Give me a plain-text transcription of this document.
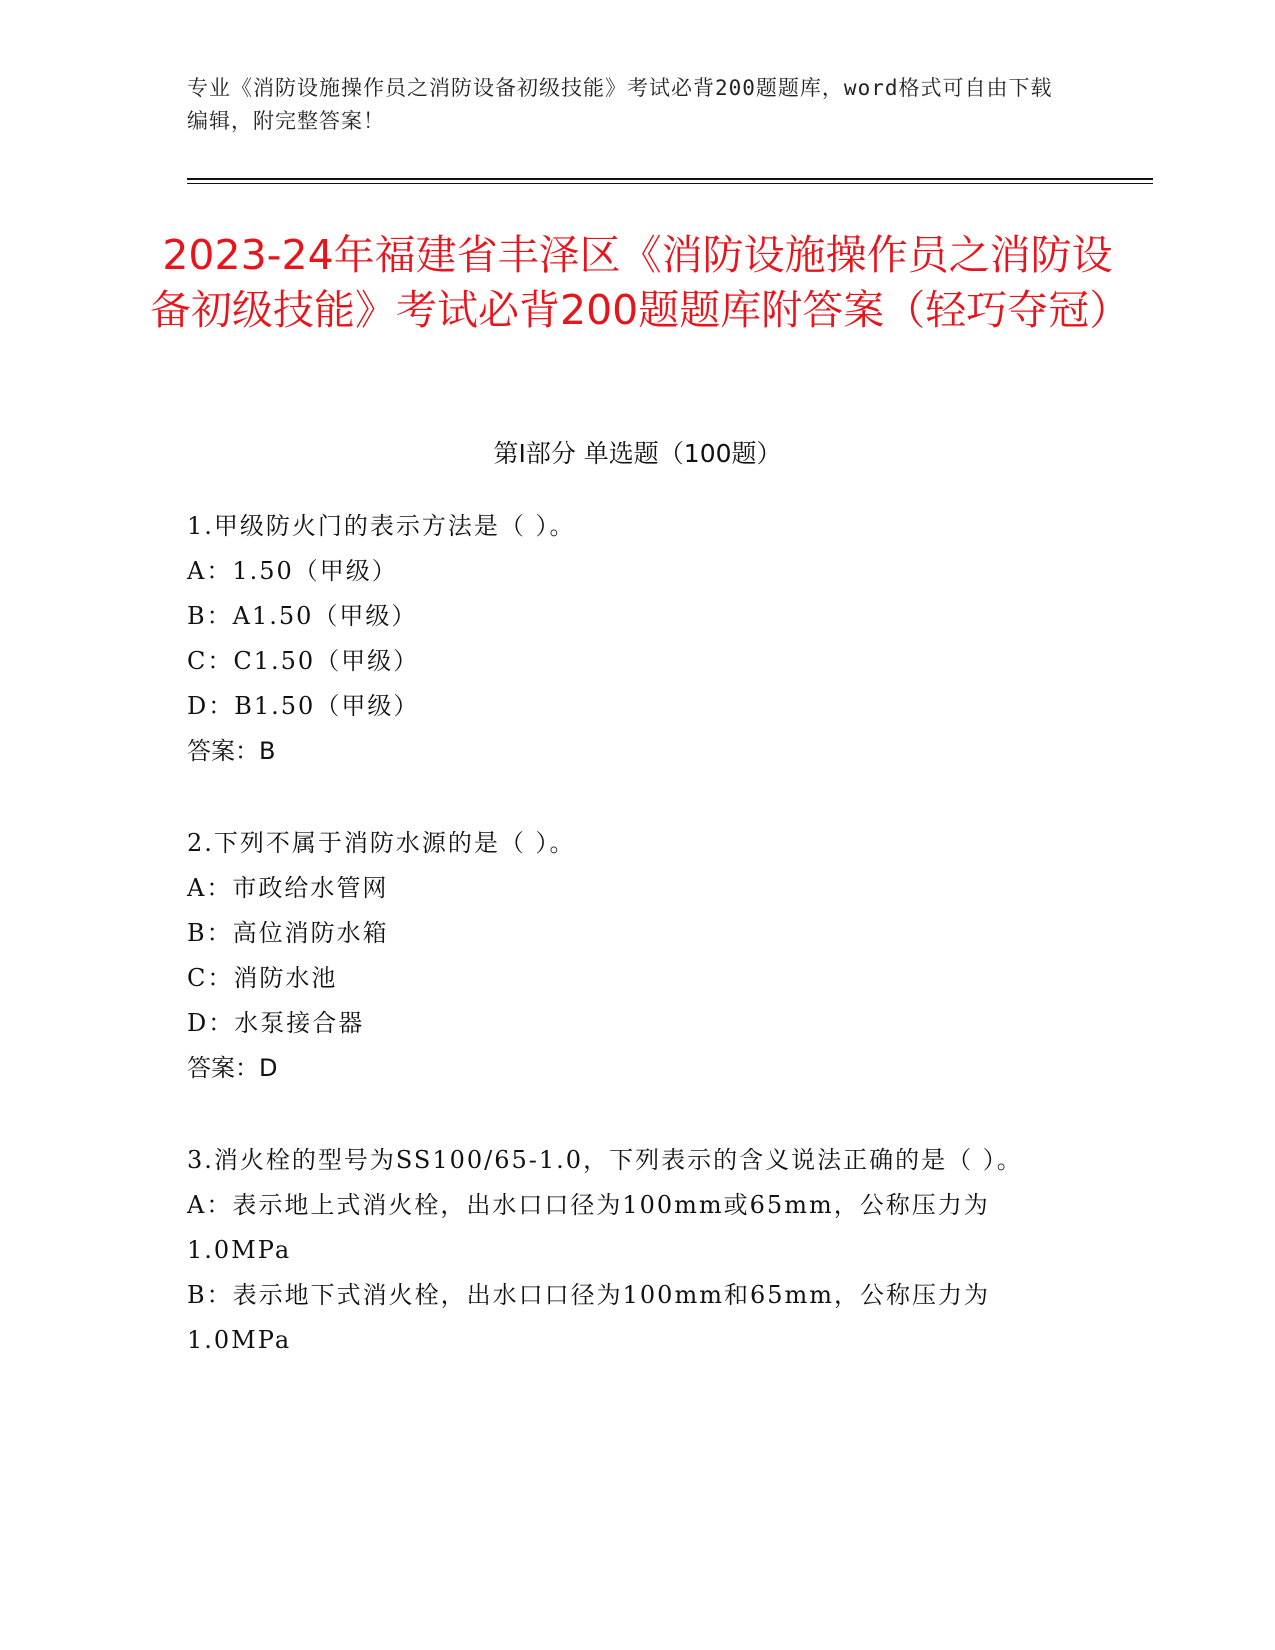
专业《消防设施操作员之消防设备初级技能》考试必背200题题库，word格式可自由下载编辑，附完整答案！
2023-24年福建省丰泽区《消防设施操作员之消防设备初级技能》考试必背200题题库附答案（轻巧夺冠）
第Ⅰ部分 单选题（100题）
1.甲级防火门的表示方法是（ ）。
A：1.50（甲级）
B：A1.50（甲级）
C：C1.50（甲级）
D：B1.50（甲级）
答案：B
2.下列不属于消防水源的是（ ）。
A：市政给水管网
B：高位消防水箱
C：消防水池
D：水泵接合器
答案：D
3.消火栓的型号为SS100/65-1.0，下列表示的含义说法正确的是（ ）。
A：表示地上式消火栓，出水口口径为100mm或65mm，公称压力为1.0MPa
B：表示地下式消火栓，出水口口径为100mm和65mm，公称压力为1.0MPa
